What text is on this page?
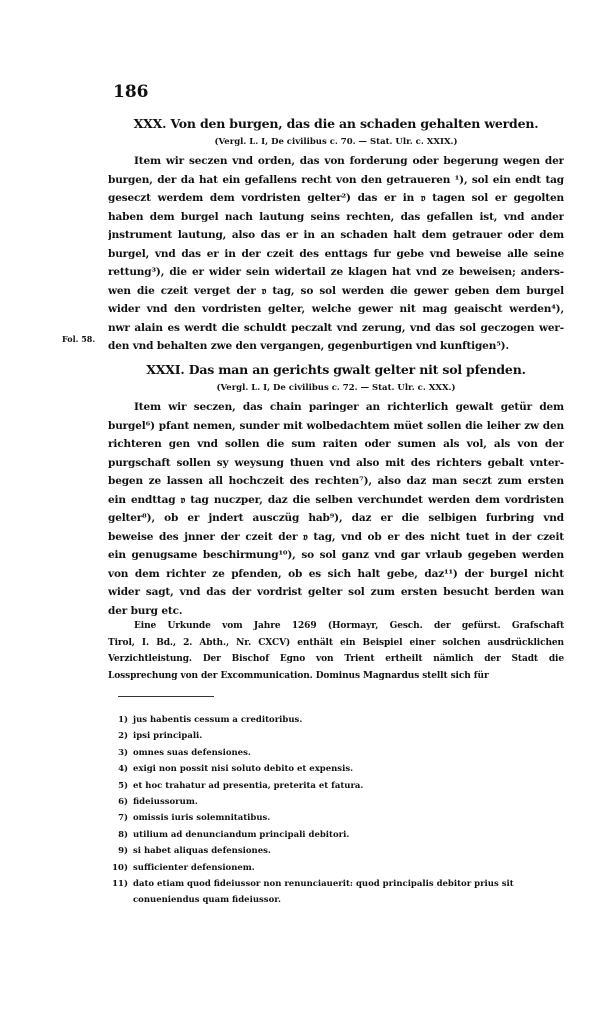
186
XXX. Von den burgen, das die an schaden gehalten werden.
(Vergl. L. I, De civilibus c. 70. — Stat. Ulr. c. XXIX.)
Item wir seczen vnd orden, das von forderung oder begerung wegen der
burgen, der da hat ein gefallens recht von den getraueren ¹), sol ein endt tag
geseczt werdem dem vordristen gelter²) das er in 𝔳 tagen sol er gegolten
haben dem burgel nach lautung seins rechten, das gefallen ist, vnd ander
jnstrument lautung, also das er in an schaden halt dem getrauer oder dem
burgel, vnd das er in der czeit des enttags fur gebe vnd beweise alle seine
rettung³), die er wider sein widertail ze klagen hat vnd ze beweisen; anders-
wen die czeit verget der 𝔳 tag, so sol werden die gewer geben dem burgel
wider vnd den vordristen gelter, welche gewer nit mag geaischt werden⁴),
nwr alain es werdt die schuldt peczalt vnd zerung, vnd das sol geczogen wer-
den vnd behalten zwe den vergangen, gegenburtigen vnd kunftigen⁵).
Fol. 58.
XXXI. Das man an gerichts gwalt gelter nit sol pfenden.
(Vergl. L. I, De civilibus c. 72. — Stat. Ulr. c. XXX.)
Item wir seczen, das chain paringer an richterlich gewalt getür dem
burgel⁶) pfant nemen, sunder mit wolbedachtem müet sollen die leiher zw den
richteren gen vnd sollen die sum raiten oder sumen als vol, als von der
purgschaft sollen sy weysung thuen vnd also mit des richters gebalt vnter-
begen ze lassen all hochczeit des rechten⁷), also daz man seczt zum ersten
ein endttag 𝔳 tag nuczper, daz die selben verchundet werden dem vordristen
gelter⁸), ob er jndert ausczüg hab⁹), daz er die selbigen furbring vnd
beweise des jnner der czeit der 𝔳 tag, vnd ob er des nicht tuet in der czeit
ein genugsame beschirmung¹⁰), so sol ganz vnd gar vrlaub gegeben werden
von dem richter ze pfenden, ob es sich halt gebe, daz¹¹) der burgel nicht
wider sagt, vnd das der vordrist gelter sol zum ersten besucht berden wan
der burg etc.
Eine Urkunde vom Jahre 1269 (Hormayr, Gesch. der gefürst. Grafschaft
Tirol, I. Bd., 2. Abth., Nr. CXCV) enthält ein Beispiel einer solchen ausdrücklichen
Verzichtleistung. Der Bischof Egno von Trient ertheilt nämlich der Stadt die
Lossprechung von der Excommunication. Dominus Magnardus stellt sich für
1) jus habentis cessum a creditoribus.
2) ipsi principali.
3) omnes suas defensiones.
4) exigi non possit nisi soluto debito et expensis.
5) et hoc trahatur ad presentia, preterita et fatura.
6) fideiussorum.
7) omissis iuris solemnitatibus.
8) utilium ad denunciandum principali debitori.
9) si habet aliquas defensiones.
10) sufficienter defensionem.
11) dato etiam quod fideiussor non renunciauerit: quod principalis debitor prius sit
conueniendus quam fideiussor.
